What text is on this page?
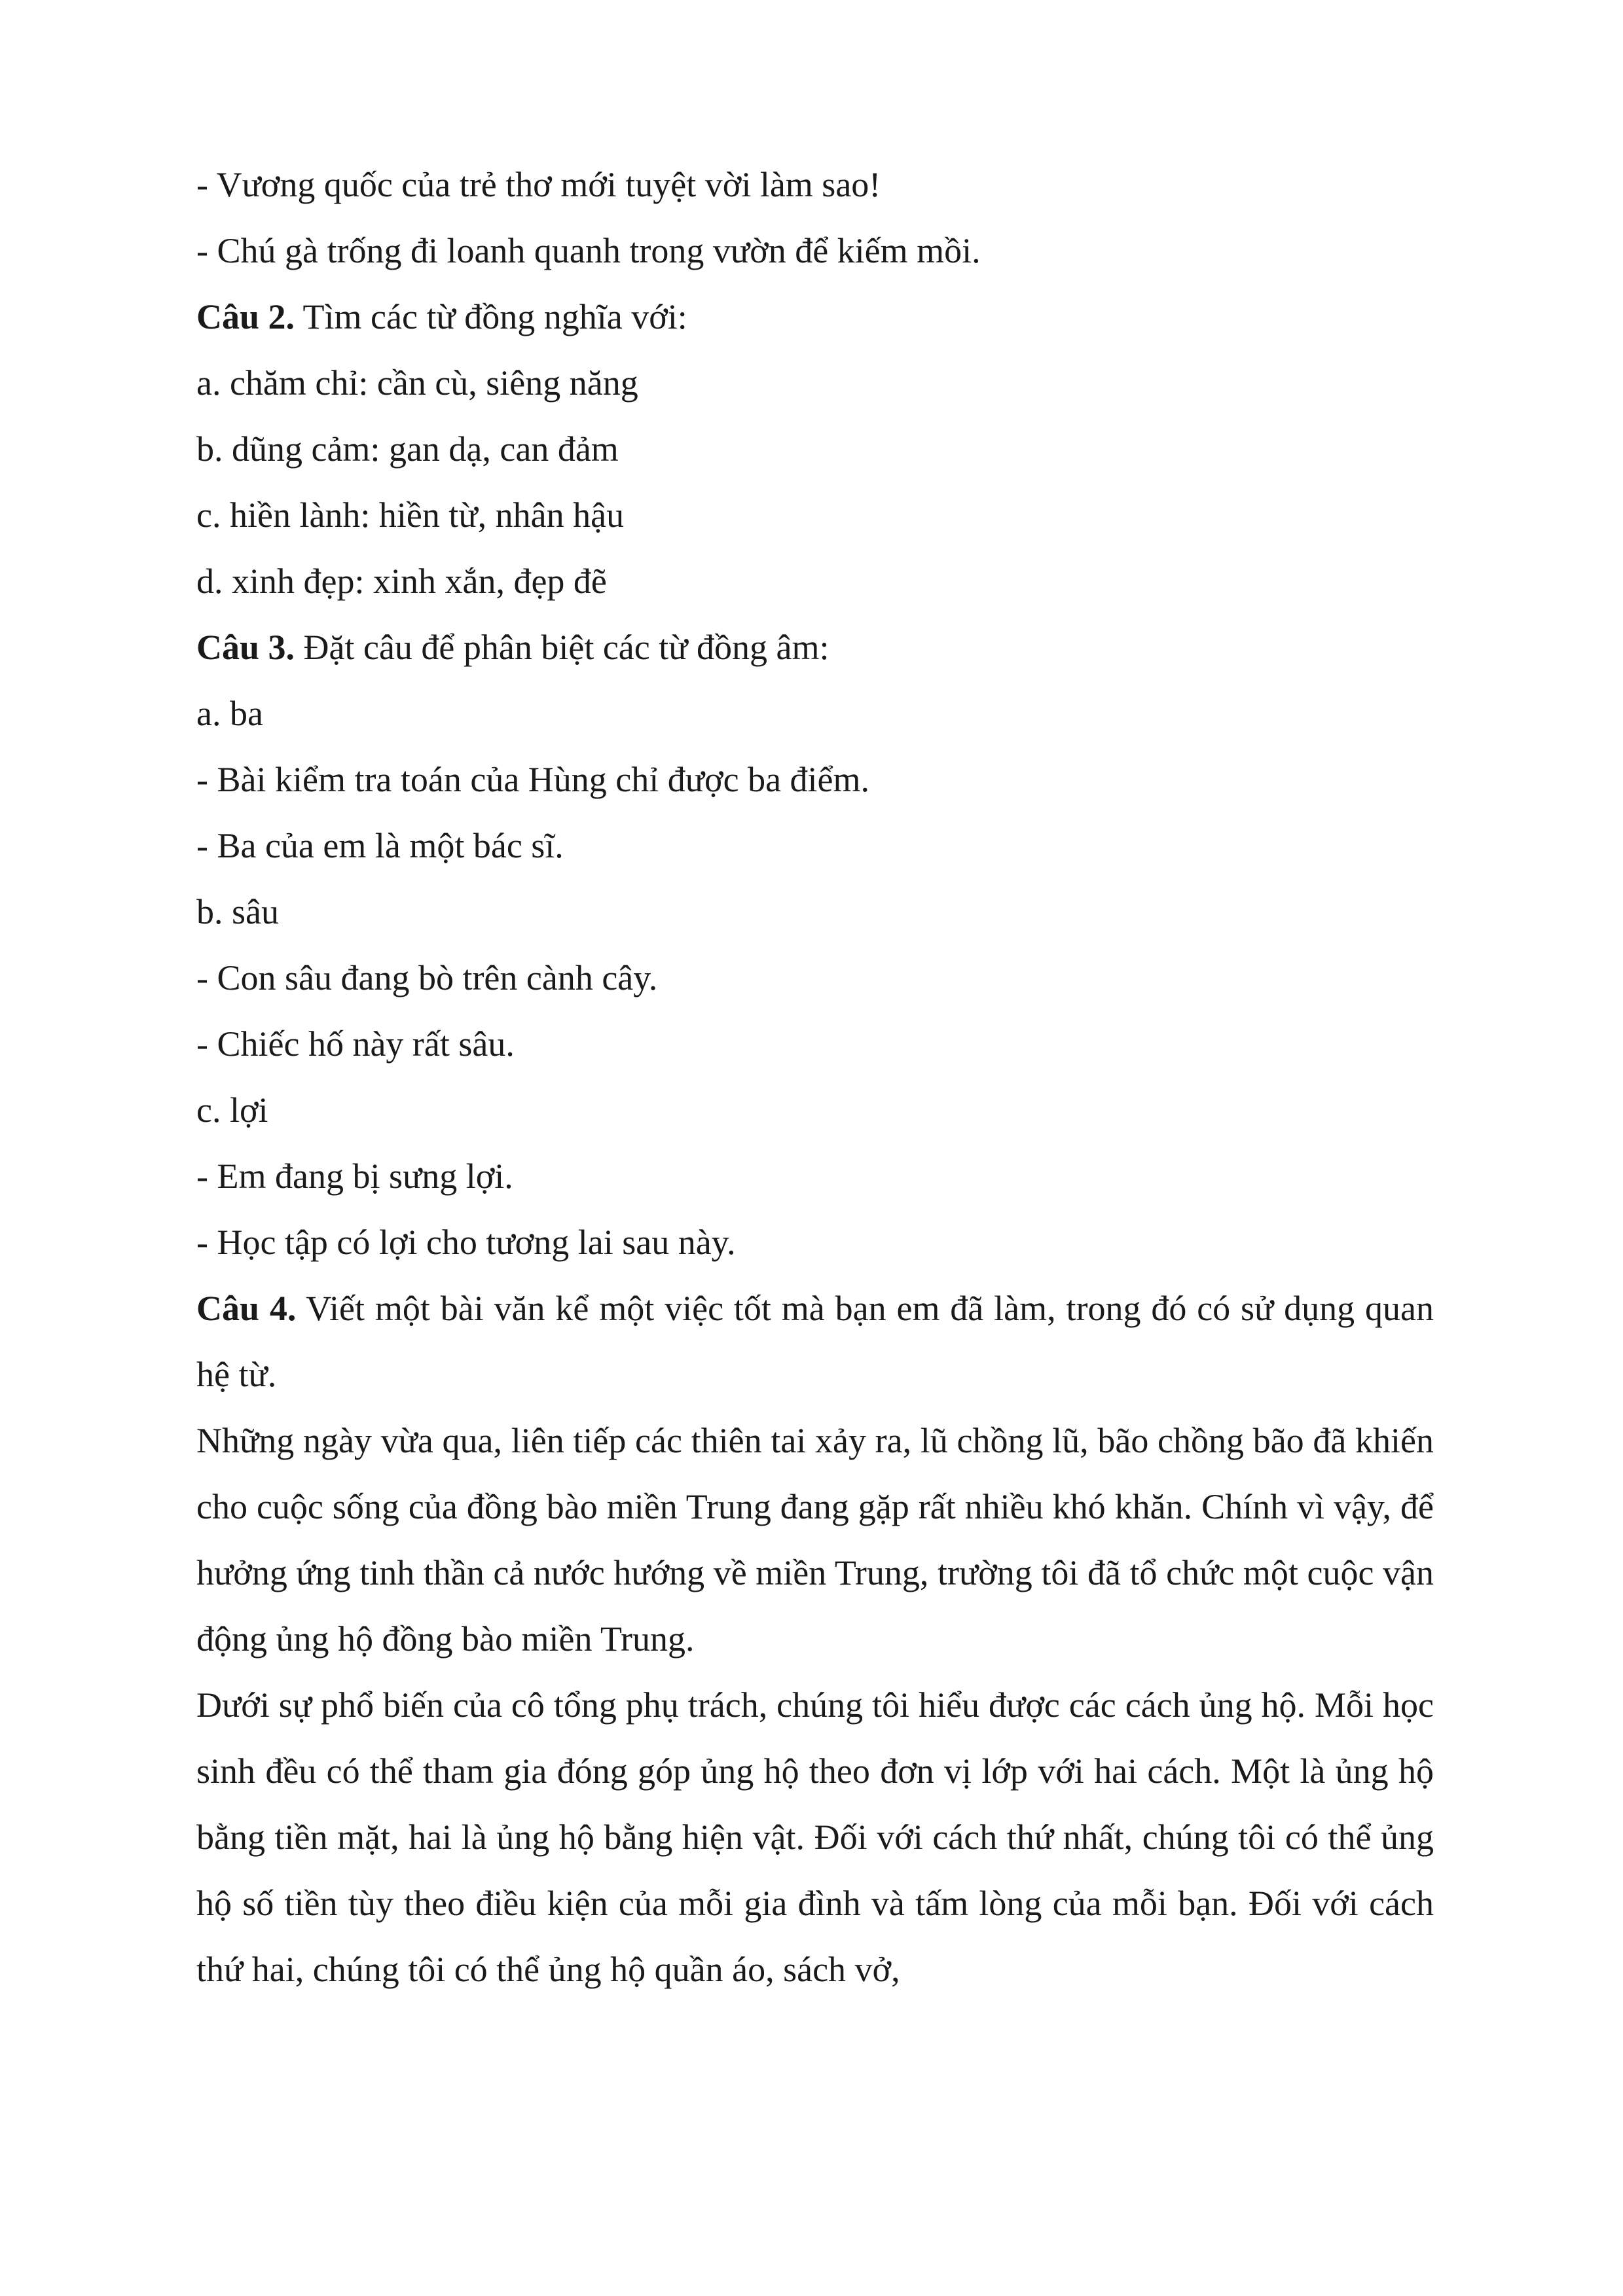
- Vương quốc của trẻ thơ mới tuyệt vời làm sao!
- Chú gà trống đi loanh quanh trong vườn để kiếm mồi.
Câu 2. Tìm các từ đồng nghĩa với:
a. chăm chỉ: cần cù, siêng năng
b. dũng cảm: gan dạ, can đảm
c. hiền lành: hiền từ, nhân hậu
d. xinh đẹp: xinh xắn, đẹp đẽ
Câu 3. Đặt câu để phân biệt các từ đồng âm:
a. ba
- Bài kiểm tra toán của Hùng chỉ được ba điểm.
- Ba của em là một bác sĩ.
b. sâu
- Con sâu đang bò trên cành cây.
- Chiếc hố này rất sâu.
c. lợi
- Em đang bị sưng lợi.
- Học tập có lợi cho tương lai sau này.
Câu 4. Viết một bài văn kể một việc tốt mà bạn em đã làm, trong đó có sử dụng quan hệ từ.
Những ngày vừa qua, liên tiếp các thiên tai xảy ra, lũ chồng lũ, bão chồng bão đã khiến cho cuộc sống của đồng bào miền Trung đang gặp rất nhiều khó khăn. Chính vì vậy, để hưởng ứng tinh thần cả nước hướng về miền Trung, trường tôi đã tổ chức một cuộc vận động ủng hộ đồng bào miền Trung.
Dưới sự phổ biến của cô tổng phụ trách, chúng tôi hiểu được các cách ủng hộ. Mỗi học sinh đều có thể tham gia đóng góp ủng hộ theo đơn vị lớp với hai cách. Một là ủng hộ bằng tiền mặt, hai là ủng hộ bằng hiện vật. Đối với cách thứ nhất, chúng tôi có thể ủng hộ số tiền tùy theo điều kiện của mỗi gia đình và tấm lòng của mỗi bạn. Đối với cách thứ hai, chúng tôi có thể ủng hộ quần áo, sách vở,
